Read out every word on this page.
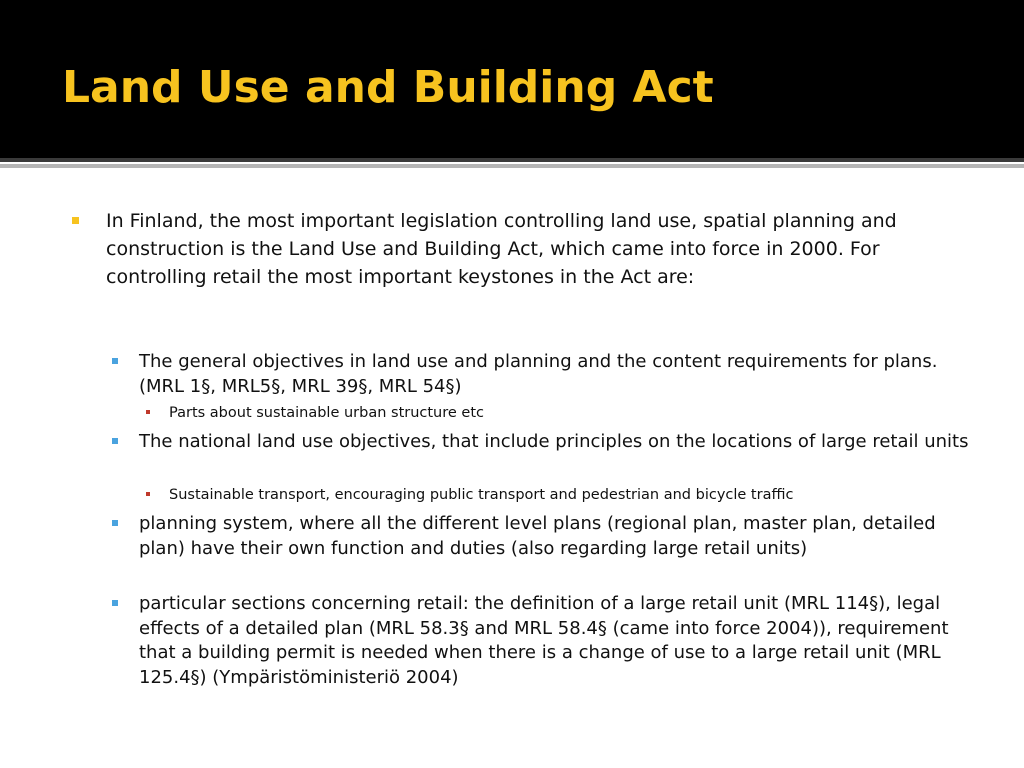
Land Use and Building Act

In Finland, the most important legislation controlling land use, spatial planning and construction is the Land Use and Building Act, which came into force in 2000. For controlling retail the most important keystones in the Act are:

The general objectives in land use and planning and the content requirements for plans. (MRL 1§, MRL5§, MRL 39§, MRL 54§)

Parts about sustainable urban structure etc

The national land use objectives, that include principles on the locations of large retail units

Sustainable transport, encouraging public transport and pedestrian and bicycle traffic

planning system, where all the different level plans (regional plan, master plan, detailed plan) have their own function and duties (also regarding large retail units)

particular sections concerning retail: the definition of a large retail unit (MRL 114§), legal effects of a detailed plan (MRL 58.3§ and MRL 58.4§ (came into force 2004)), requirement that a building permit is needed when there is a change of use to a large retail unit (MRL 125.4§) (Ympäristöministeriö 2004)
